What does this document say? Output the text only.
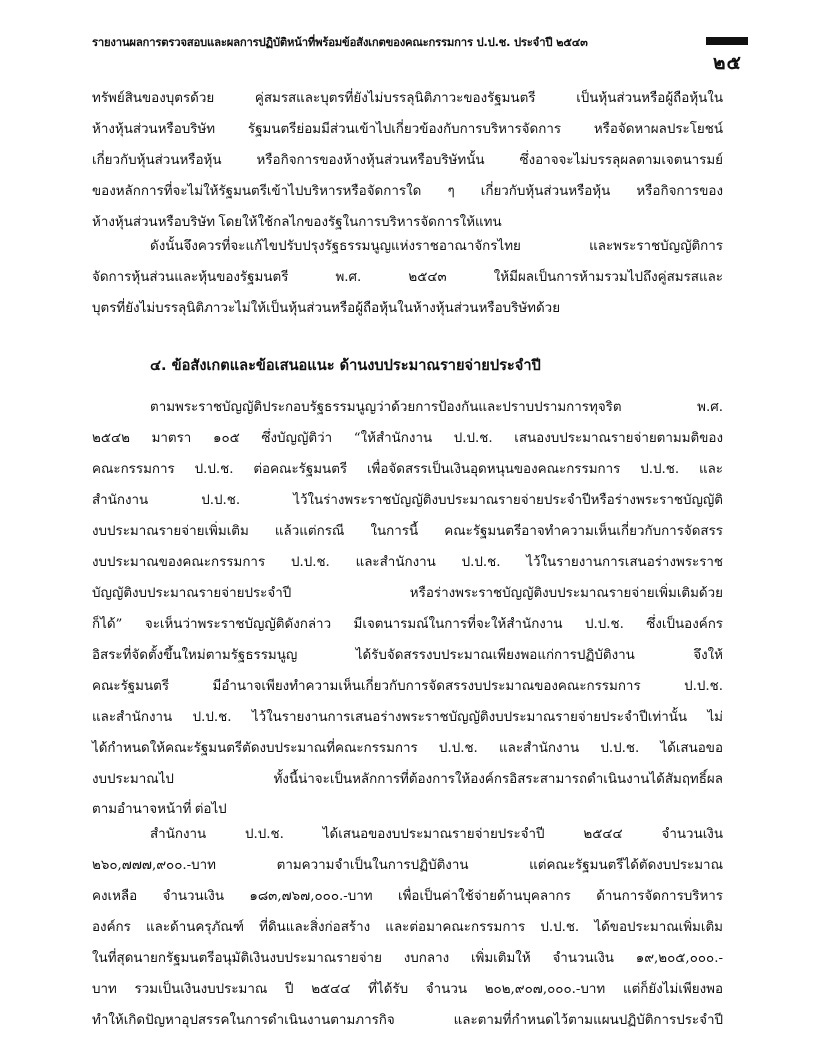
รายงานผลการตรวจสอบและผลการปฏิบัติหน้าที่พร้อมข้อสังเกตของคณะกรรมการ ป.ป.ช. ประจำปี ๒๕๔๓
๒๕
ทรัพย์สินของบุตรด้วย คู่สมรสและบุตรที่ยังไม่บรรลุนิติภาวะของรัฐมนตรี เป็นหุ้นส่วนหรือผู้ถือหุ้นใน
ห้างหุ้นส่วนหรือบริษัท รัฐมนตรีย่อมมีส่วนเข้าไปเกี่ยวข้องกับการบริหารจัดการ หรือจัดหาผลประโยชน์
เกี่ยวกับหุ้นส่วนหรือหุ้น หรือกิจการของห้างหุ้นส่วนหรือบริษัทนั้น ซึ่งอาจจะไม่บรรลุผลตามเจตนารมย์
ของหลักการที่จะไม่ให้รัฐมนตรีเข้าไปบริหารหรือจัดการใด ๆ เกี่ยวกับหุ้นส่วนหรือหุ้น หรือกิจการของ
ห้างหุ้นส่วนหรือบริษัท โดยให้ใช้กลไกของรัฐในการบริหารจัดการให้แทน
ดังนั้นจึงควรที่จะแก้ไขปรับปรุงรัฐธรรมนูญแห่งราชอาณาจักรไทย และพระราชบัญญัติการ
จัดการหุ้นส่วนและหุ้นของรัฐมนตรี พ.ศ. ๒๕๔๓ ให้มีผลเป็นการห้ามรวมไปถึงคู่สมรสและ
บุตรที่ยังไม่บรรลุนิติภาวะไม่ให้เป็นหุ้นส่วนหรือผู้ถือหุ้นในห้างหุ้นส่วนหรือบริษัทด้วย
๔. ข้อสังเกตและข้อเสนอแนะ ด้านงบประมาณรายจ่ายประจำปี
ตามพระราชบัญญัติประกอบรัฐธรรมนูญว่าด้วยการป้องกันและปราบปรามการทุจริต พ.ศ.
๒๕๔๒ มาตรา ๑๐๕ ซึ่งบัญญัติว่า “ให้สำนักงาน ป.ป.ช. เสนองบประมาณรายจ่ายตามมติของ
คณะกรรมการ ป.ป.ช. ต่อคณะรัฐมนตรี เพื่อจัดสรรเป็นเงินอุดหนุนของคณะกรรมการ ป.ป.ช. และ
สำนักงาน ป.ป.ช. ไว้ในร่างพระราชบัญญัติงบประมาณรายจ่ายประจำปีหรือร่างพระราชบัญญัติ
งบประมาณรายจ่ายเพิ่มเติม แล้วแต่กรณี ในการนี้ คณะรัฐมนตรีอาจทำความเห็นเกี่ยวกับการจัดสรร
งบประมาณของคณะกรรมการ ป.ป.ช. และสำนักงาน ป.ป.ช. ไว้ในรายงานการเสนอร่างพระราช
บัญญัติงบประมาณรายจ่ายประจำปี หรือร่างพระราชบัญญัติงบประมาณรายจ่ายเพิ่มเติมด้วย
ก็ได้” จะเห็นว่าพระราชบัญญัติดังกล่าว มีเจตนารมณ์ในการที่จะให้สำนักงาน ป.ป.ช. ซึ่งเป็นองค์กร
อิสระที่จัดตั้งขึ้นใหม่ตามรัฐธรรมนูญ ได้รับจัดสรรงบประมาณเพียงพอแก่การปฏิบัติงาน จึงให้
คณะรัฐมนตรี มีอำนาจเพียงทำความเห็นเกี่ยวกับการจัดสรรงบประมาณของคณะกรรมการ ป.ป.ช.
และสำนักงาน ป.ป.ช. ไว้ในรายงานการเสนอร่างพระราชบัญญัติงบประมาณรายจ่ายประจำปีเท่านั้น ไม่
ได้กำหนดให้คณะรัฐมนตรีตัดงบประมาณที่คณะกรรมการ ป.ป.ช. และสำนักงาน ป.ป.ช. ได้เสนอขอ
งบประมาณไป ทั้งนี้น่าจะเป็นหลักการที่ต้องการให้องค์กรอิสระสามารถดำเนินงานได้สัมฤทธิ์ผล
ตามอำนาจหน้าที่ ต่อไป
สำนักงาน ป.ป.ช. ได้เสนอของบประมาณรายจ่ายประจำปี ๒๕๔๔ จำนวนเงิน
๒๖๐,๗๗๗,๙๐๐.-บาท ตามความจำเป็นในการปฏิบัติงาน แต่คณะรัฐมนตรีได้ตัดงบประมาณ
คงเหลือ จำนวนเงิน ๑๘๓,๗๖๗,๐๐๐.-บาท เพื่อเป็นค่าใช้จ่ายด้านบุคลากร ด้านการจัดการบริหาร
องค์กร และด้านครุภัณฑ์ ที่ดินและสิ่งก่อสร้าง และต่อมาคณะกรรมการ ป.ป.ช. ได้ขอประมาณเพิ่มเติม
ในที่สุดนายกรัฐมนตรีอนุมัติเงินงบประมาณรายจ่าย งบกลาง เพิ่มเติมให้ จำนวนเงิน ๑๙,๒๐๕,๐๐๐.-
บาท รวมเป็นเงินงบประมาณ ปี ๒๕๔๔ ที่ได้รับ จำนวน ๒๐๒,๙๐๗,๐๐๐.-บาท แต่ก็ยังไม่เพียงพอ
ทำให้เกิดปัญหาอุปสรรคในการดำเนินงานตามภารกิจ และตามที่กำหนดไว้ตามแผนปฏิบัติการประจำปี
